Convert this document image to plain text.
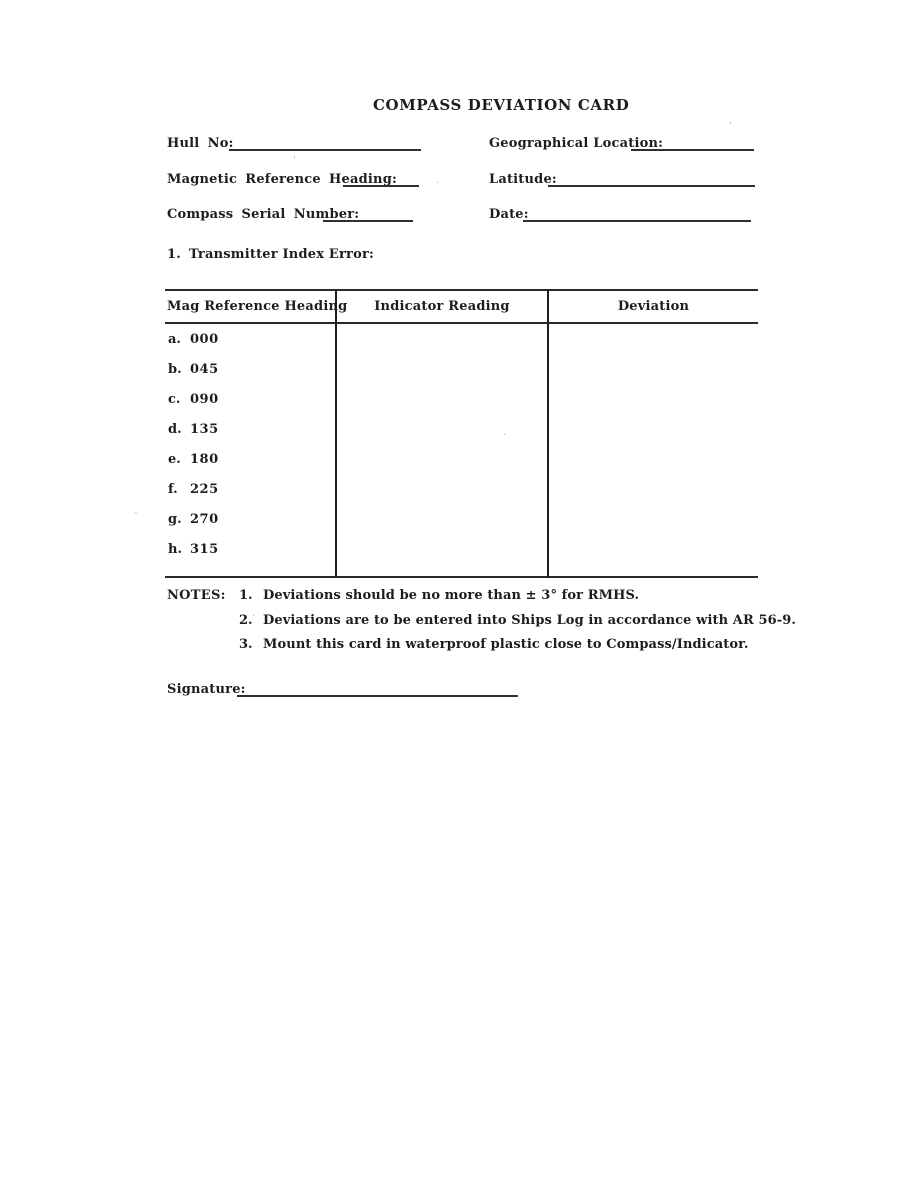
COMPASS DEVIATION CARD
Hull No:	Geographical Location:
Magnetic Reference Heading:	Latitude:
Compass Serial Number:	Date:
1. Transmitter Index Error:
Mag Reference Heading	Indicator Reading	Deviation
a. 000
b. 045
c. 090
d. 135
e. 180
f. 225
g. 270
h. 315
NOTES: 1. Deviations should be no more than ± 3° for RMHS.
2. Deviations are to be entered into Ships Log in accordance with AR 56-9.
3. Mount this card in waterproof plastic close to Compass/Indicator.
Signature:
'
'
·
·
-
·
